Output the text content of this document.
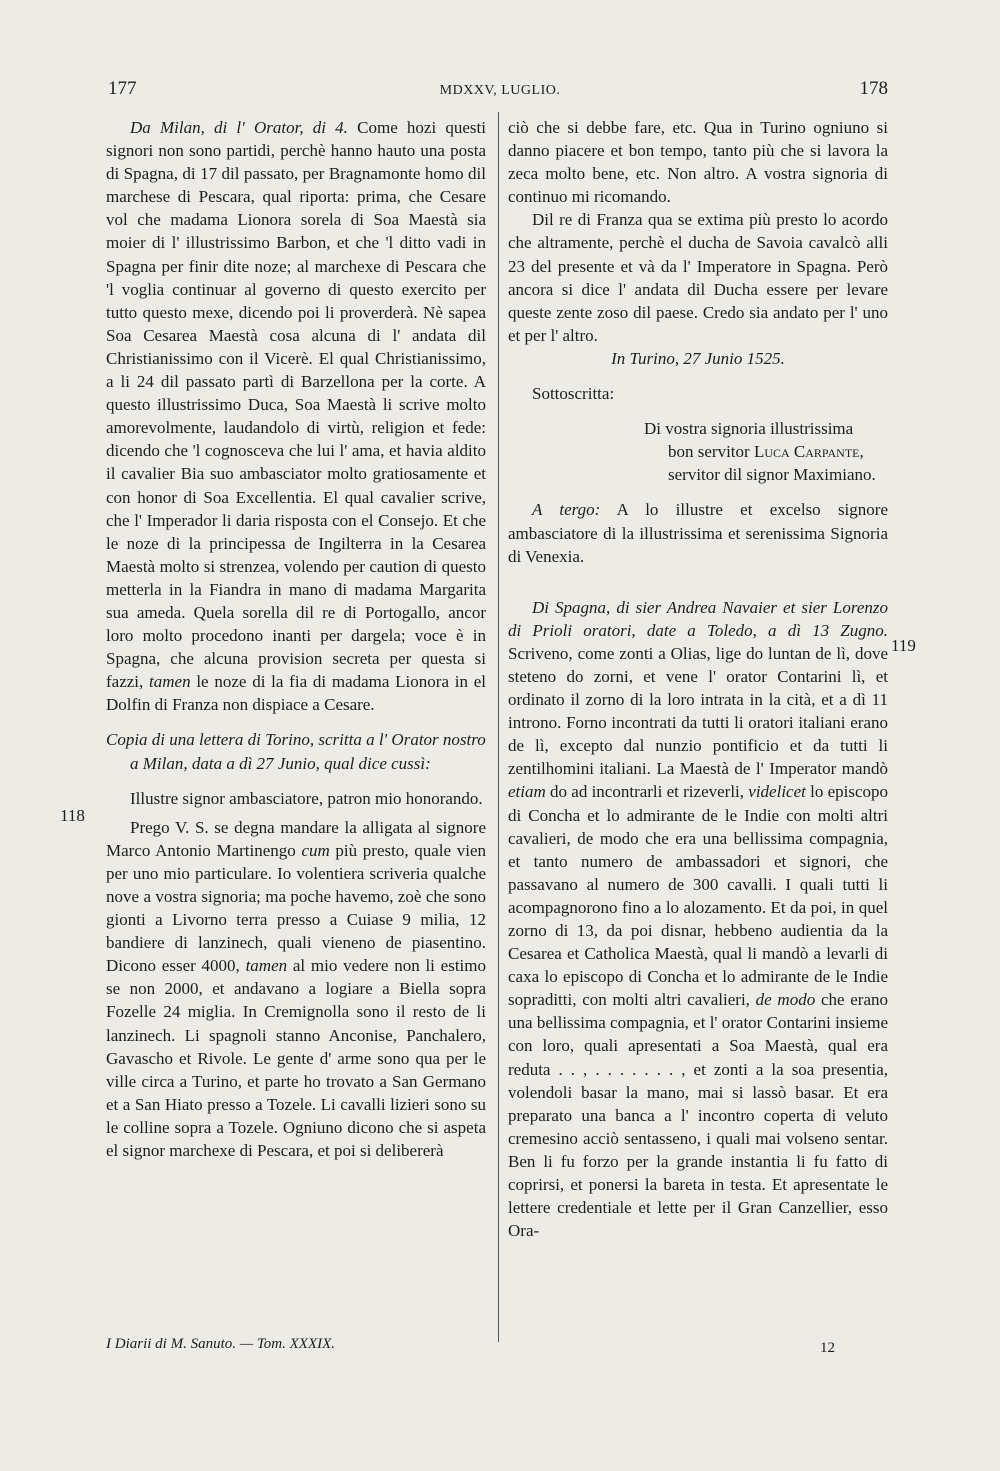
177	MDXXV, LUGLIO.	178
118
119

Da Milan, di l' Orator, di 4. Come hozi questi signori non sono partidi, perchè hanno hauto una posta di Spagna, di 17 dil passato, per Bragnamonte homo dil marchese di Pescara, qual riporta: prima, che Cesare vol che madama Lionora sorela di Soa Maestà sia moier di l' illustrissimo Barbon, et che 'l ditto vadi in Spagna per finir dite noze; al marchexe di Pescara che 'l voglia continuar al governo di questo exercito per tutto questo mexe, dicendo poi li proverderà. Nè sapea Soa Cesarea Maestà cosa alcuna di l' andata dil Christianissimo con il Vicerè. El qual Christianissimo, a li 24 dil passato partì di Barzellona per la corte. A questo illustrissimo Duca, Soa Maestà li scrive molto amorevolmente, laudandolo di virtù, religion et fede: dicendo che 'l cognosceva che lui l' ama, et havia aldito il cavalier Bia suo ambasciator molto gratiosamente et con honor di Soa Excellentia. El qual cavalier scrive, che l' Imperador li daria risposta con el Consejo. Et che le noze di la principessa de Ingilterra in la Cesarea Maestà molto si strenzea, volendo per caution di questo metterla in la Fiandra in mano di madama Margarita sua ameda. Quela sorella dil re di Portogallo, ancor loro molto procedono inanti per dargela; voce è in Spagna, che alcuna provision secreta per questa si fazzi, tamen le noze di la fia di madama Lionora in el Dolfin di Franza non dispiace a Cesare.

Copia di una lettera di Torino, scritta a l' Orator nostro a Milan, data a dì 27 Junio, qual dice cussì:

Illustre signor ambasciatore, patron mio honorando.

Prego V. S. se degna mandare la alligata al signore Marco Antonio Martinengo cum più presto, quale vien per uno mio particulare. Io volentiera scriveria qualche nove a vostra signoria; ma poche havemo, zoè che sono gionti a Livorno terra presso a Cuiase 9 milia, 12 bandiere di lanzinech, quali vieneno de piasentino. Dicono esser 4000, tamen al mio vedere non li estimo se non 2000, et andavano a logiare a Biella sopra Fozelle 24 miglia. In Cremignolla sono il resto de li lanzinech. Li spagnoli stanno Anconise, Panchalero, Gavascho et Rivole. Le gente d' arme sono qua per le ville circa a Turino, et parte ho trovato a San Germano et a San Hiato presso a Tozele. Li cavalli lizieri sono su le colline sopra a Tozele. Ogniuno dicono che si aspeta el signor marchexe di Pescara, et poi si delibererà

ciò che si debbe fare, etc. Qua in Turino ogniuno si danno piacere et bon tempo, tanto più che si lavora la zeca molto bene, etc. Non altro. A vostra signoria di continuo mi ricomando.

Dil re di Franza qua se extima più presto lo acordo che altramente, perchè el ducha de Savoia cavalcò alli 23 del presente et và da l' Imperatore in Spagna. Però ancora si dice l' andata dil Ducha essere per levare queste zente zoso dil paese. Credo sia andato per l' uno et per l' altro.

In Turino, 27 Junio 1525.

Sottoscritta:

Di vostra signoria illustrissima

bon servitor Luca Carpante,

servitor dil signor Maximiano.

A tergo: A lo illustre et excelso signore ambasciatore di la illustrissima et serenissima Signoria di Venexia.

Di Spagna, di sier Andrea Navaier et sier Lorenzo di Prioli oratori, date a Toledo, a dì 13 Zugno. Scriveno, come zonti a Olias, lige do luntan de lì, dove steteno do zorni, et vene l' orator Contarini lì, et ordinato il zorno di la loro intrata in la cità, et a dì 11 introno. Forno incontrati da tutti li oratori italiani erano de lì, excepto dal nunzio pontificio et da tutti li zentilhomini italiani. La Maestà de l' Imperator mandò etiam do ad incontrarli et rizeverli, videlicet lo episcopo di Concha et lo admirante de le Indie con molti altri cavalieri, de modo che era una bellissima compagnia, et tanto numero de ambassadori et signori, che passavano al numero de 300 cavalli. I quali tutti li acompagnorono fino a lo alozamento. Et da poi, in quel zorno di 13, da poi disnar, hebbeno audientia da la Cesarea et Catholica Maestà, qual li mandò a levarli di caxa lo episcopo di Concha et lo admirante de le Indie sopraditti, con molti altri cavalieri, de modo che erano una bellissima compagnia, et l' orator Contarini insieme con loro, quali apresentati a Soa Maestà, qual era reduta . . , . . . . . . . , et zonti a la soa presentia, volendoli basar la mano, mai si lassò basar. Et era preparato una banca a l' incontro coperta di veluto cremesino acciò sentasseno, i quali mai volseno sentar. Ben li fu forzo per la grande instantia li fu fatto di coprirsi, et ponersi la bareta in testa. Et apresentate le lettere credentiale et lette per il Gran Canzellier, esso Ora-

I Diarii di M. Sanuto. — Tom. XXXIX.	12
